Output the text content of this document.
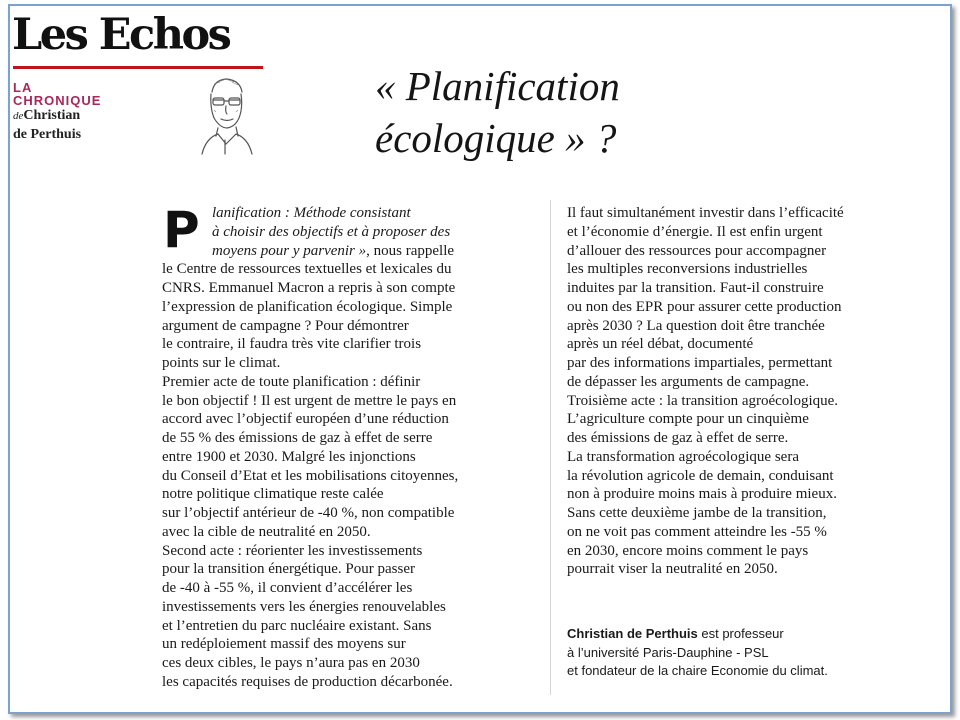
Les Echos
LA
CHRONIQUE
deChristian
de Perthuis
« Planification
écologique » ?
P lanification : Méthode consistant
à choisir des objectifs et à proposer des
moyens pour y parvenir », nous rappelle
le Centre de ressources textuelles et lexicales du
CNRS. Emmanuel Macron a repris à son compte
l’expression de planification écologique. Simple
argument de campagne ? Pour démontrer
le contraire, il faudra très vite clarifier trois
points sur le climat.
Premier acte de toute planification : définir
le bon objectif ! Il est urgent de mettre le pays en
accord avec l’objectif européen d’une réduction
de 55 % des émissions de gaz à effet de serre
entre 1900 et 2030. Malgré les injonctions
du Conseil d’Etat et les mobilisations citoyennes,
notre politique climatique reste calée
sur l’objectif antérieur de -40 %, non compatible
avec la cible de neutralité en 2050.
Second acte : réorienter les investissements
pour la transition énergétique. Pour passer
de -40 à -55 %, il convient d’accélérer les
investissements vers les énergies renouvelables
et l’entretien du parc nucléaire existant. Sans
un redéploiement massif des moyens sur
ces deux cibles, le pays n’aura pas en 2030
les capacités requises de production décarbonée.
Il faut simultanément investir dans l’efficacité
et l’économie d’énergie. Il est enfin urgent
d’allouer des ressources pour accompagner
les multiples reconversions industrielles
induites par la transition. Faut-il construire
ou non des EPR pour assurer cette production
après 2030 ? La question doit être tranchée
après un réel débat, documenté
par des informations impartiales, permettant
de dépasser les arguments de campagne.
Troisième acte : la transition agroécologique.
L’agriculture compte pour un cinquième
des émissions de gaz à effet de serre.
La transformation agroécologique sera
la révolution agricole de demain, conduisant
non à produire moins mais à produire mieux.
Sans cette deuxième jambe de la transition,
on ne voit pas comment atteindre les -55 %
en 2030, encore moins comment le pays
pourrait viser la neutralité en 2050.
Christian de Perthuis est professeur
à l’université Paris-Dauphine - PSL
et fondateur de la chaire Economie du climat.
